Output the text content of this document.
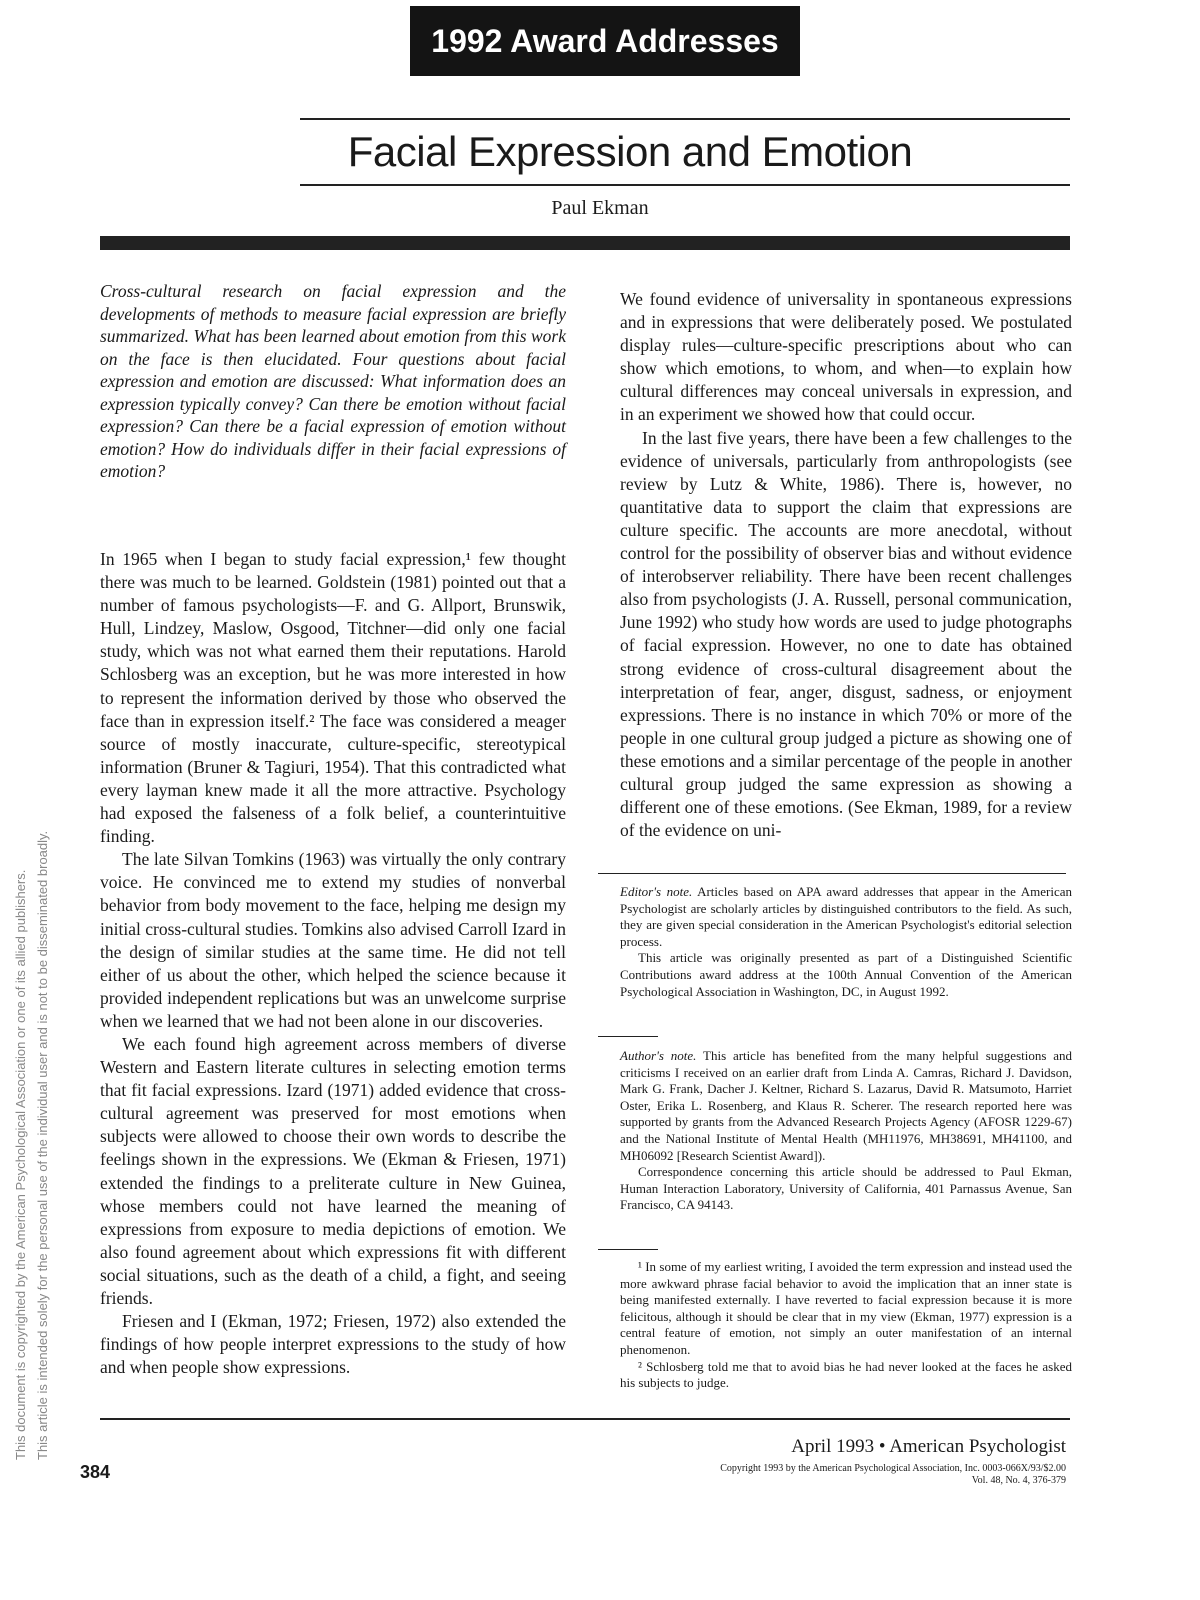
1992 Award Addresses
Facial Expression and Emotion
Paul Ekman
This document is copyrighted by the American Psychological Association or one of its allied publishers. This article is intended solely for the personal use of the individual user and is not to be disseminated broadly.

Cross-cultural research on facial expression and the developments of methods to measure facial expression are briefly summarized. What has been learned about emotion from this work on the face is then elucidated. Four questions about facial expression and emotion are discussed: What information does an expression typically convey? Can there be emotion without facial expression? Can there be a facial expression of emotion without emotion? How do individuals differ in their facial expressions of emotion?

In 1965 when I began to study facial expression,¹ few thought there was much to be learned. Goldstein (1981) pointed out that a number of famous psychologists—F. and G. Allport, Brunswik, Hull, Lindzey, Maslow, Osgood, Titchner—did only one facial study, which was not what earned them their reputations. Harold Schlosberg was an exception, but he was more interested in how to represent the information derived by those who observed the face than in expression itself.² The face was considered a meager source of mostly inaccurate, culture-specific, stereotypical information (Bruner & Tagiuri, 1954). That this contradicted what every layman knew made it all the more attractive. Psychology had exposed the falseness of a folk belief, a counterintuitive finding.

The late Silvan Tomkins (1963) was virtually the only contrary voice. He convinced me to extend my studies of nonverbal behavior from body movement to the face, helping me design my initial cross-cultural studies. Tomkins also advised Carroll Izard in the design of similar studies at the same time. He did not tell either of us about the other, which helped the science because it provided independent replications but was an unwelcome surprise when we learned that we had not been alone in our discoveries.

We each found high agreement across members of diverse Western and Eastern literate cultures in selecting emotion terms that fit facial expressions. Izard (1971) added evidence that cross-cultural agreement was preserved for most emotions when subjects were allowed to choose their own words to describe the feelings shown in the expressions. We (Ekman & Friesen, 1971) extended the findings to a preliterate culture in New Guinea, whose members could not have learned the meaning of expressions from exposure to media depictions of emotion. We also found agreement about which expressions fit with different social situations, such as the death of a child, a fight, and seeing friends.

Friesen and I (Ekman, 1972; Friesen, 1972) also extended the findings of how people interpret expressions to the study of how and when people show expressions.

We found evidence of universality in spontaneous expressions and in expressions that were deliberately posed. We postulated display rules—culture-specific prescriptions about who can show which emotions, to whom, and when—to explain how cultural differences may conceal universals in expression, and in an experiment we showed how that could occur.

In the last five years, there have been a few challenges to the evidence of universals, particularly from anthropologists (see review by Lutz & White, 1986). There is, however, no quantitative data to support the claim that expressions are culture specific. The accounts are more anecdotal, without control for the possibility of observer bias and without evidence of interobserver reliability. There have been recent challenges also from psychologists (J. A. Russell, personal communication, June 1992) who study how words are used to judge photographs of facial expression. However, no one to date has obtained strong evidence of cross-cultural disagreement about the interpretation of fear, anger, disgust, sadness, or enjoyment expressions. There is no instance in which 70% or more of the people in one cultural group judged a picture as showing one of these emotions and a similar percentage of the people in another cultural group judged the same expression as showing a different one of these emotions. (See Ekman, 1989, for a review of the evidence on uni-

Editor's note. Articles based on APA award addresses that appear in the American Psychologist are scholarly articles by distinguished contributors to the field. As such, they are given special consideration in the American Psychologist's editorial selection process.

This article was originally presented as part of a Distinguished Scientific Contributions award address at the 100th Annual Convention of the American Psychological Association in Washington, DC, in August 1992.

Author's note. This article has benefited from the many helpful suggestions and criticisms I received on an earlier draft from Linda A. Camras, Richard J. Davidson, Mark G. Frank, Dacher J. Keltner, Richard S. Lazarus, David R. Matsumoto, Harriet Oster, Erika L. Rosenberg, and Klaus R. Scherer. The research reported here was supported by grants from the Advanced Research Projects Agency (AFOSR 1229-67) and the National Institute of Mental Health (MH11976, MH38691, MH41100, and MH06092 [Research Scientist Award]).

Correspondence concerning this article should be addressed to Paul Ekman, Human Interaction Laboratory, University of California, 401 Parnassus Avenue, San Francisco, CA 94143.

¹ In some of my earliest writing, I avoided the term expression and instead used the more awkward phrase facial behavior to avoid the implication that an inner state is being manifested externally. I have reverted to facial expression because it is more felicitous, although it should be clear that in my view (Ekman, 1977) expression is a central feature of emotion, not simply an outer manifestation of an internal phenomenon.

² Schlosberg told me that to avoid bias he had never looked at the faces he asked his subjects to judge.

384
April 1993 • American Psychologist
Copyright 1993 by the American Psychological Association, Inc. 0003-066X/93/$2.00
Vol. 48, No. 4, 376-379
